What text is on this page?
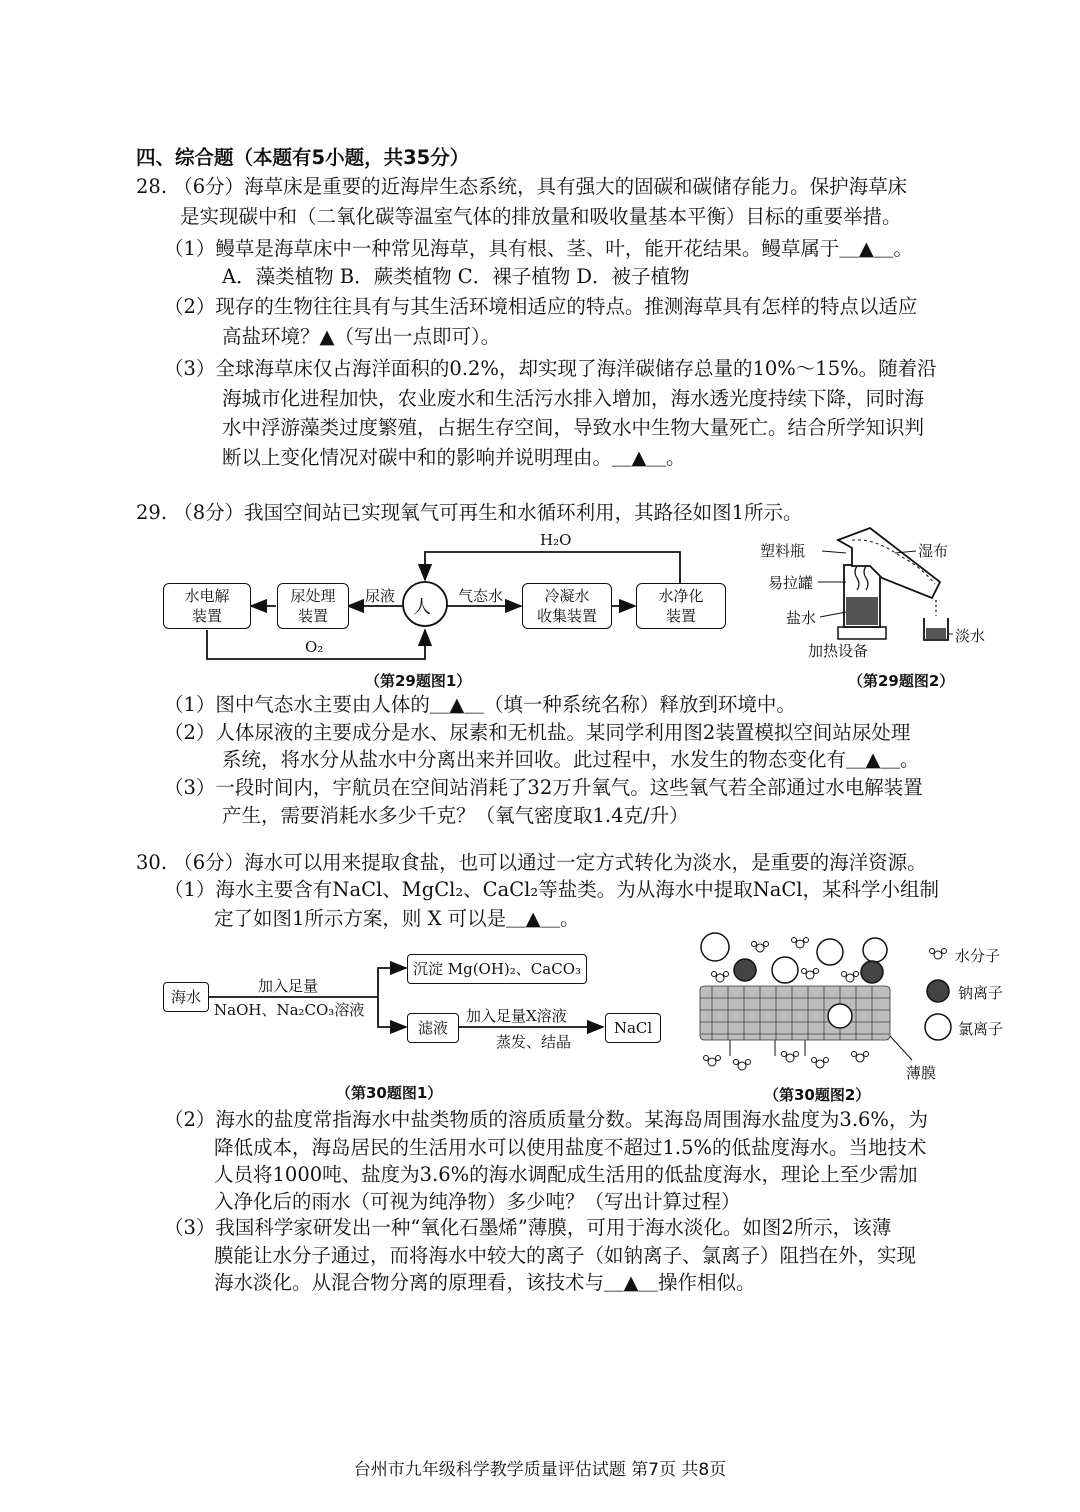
四、综合题（本题有5小题，共35分）
28. （6分）海草床是重要的近海岸生态系统，具有强大的固碳和碳储存能力。保护海草床
是实现碳中和（二氧化碳等温室气体的排放量和吸收量基本平衡）目标的重要举措。
（1）鳗草是海草床中一种常见海草，具有根、茎、叶，能开花结果。鳗草属于＿▲＿。
A．藻类植物 B．蕨类植物 C．裸子植物 D．被子植物
（2）现存的生物往往具有与其生活环境相适应的特点。推测海草具有怎样的特点以适应
高盐环境？▲（写出一点即可）。
（3）全球海草床仅占海洋面积的0.2%，却实现了海洋碳储存总量的10%～15%。随着沿
海城市化进程加快，农业废水和生活污水排入增加，海水透光度持续下降，同时海
水中浮游藻类过度繁殖，占据生存空间，导致水中生物大量死亡。结合所学知识判
断以上变化情况对碳中和的影响并说明理由。＿▲＿。
29. （8分）我国空间站已实现氧气可再生和水循环利用，其路径如图1所示。
水电解
装置
尿处理
装置	人
冷凝水
收集装置
水净化
装置
尿液	气态水
H₂O
O₂
（第29题图1）
塑料瓶	湿布
易拉罐
盐水
淡水
加热设备
（第29题图2）
（1）图中气态水主要由人体的＿▲＿（填一种系统名称）释放到环境中。
（2）人体尿液的主要成分是水、尿素和无机盐。某同学利用图2装置模拟空间站尿处理
系统，将水分从盐水中分离出来并回收。此过程中，水发生的物态变化有＿▲＿。
（3）一段时间内，宇航员在空间站消耗了32万升氧气。这些氧气若全部通过水电解装置
产生，需要消耗水多少千克？（氧气密度取1.4克/升）
30. （6分）海水可以用来提取食盐，也可以通过一定方式转化为淡水，是重要的海洋资源。
（1）海水主要含有NaCl、MgCl₂、CaCl₂等盐类。为从海水中提取NaCl，某科学小组制
定了如图1所示方案，则 X 可以是＿▲＿。
海水
加入足量
NaOH、Na₂CO₃溶液
沉淀 Mg(OH)₂、CaCO₃
滤液
加入足量X溶液
蒸发、结晶
NaCl
（第30题图1）
水分子
钠离子
氯离子
薄膜
（第30题图2）
（2）海水的盐度常指海水中盐类物质的溶质质量分数。某海岛周围海水盐度为3.6%，为
降低成本，海岛居民的生活用水可以使用盐度不超过1.5%的低盐度海水。当地技术
人员将1000吨、盐度为3.6%的海水调配成生活用的低盐度海水，理论上至少需加
入净化后的雨水（可视为纯净物）多少吨？（写出计算过程）
（3）我国科学家研发出一种“氧化石墨烯”薄膜，可用于海水淡化。如图2所示，该薄
膜能让水分子通过，而将海水中较大的离子（如钠离子、氯离子）阻挡在外，实现
海水淡化。从混合物分离的原理看，该技术与＿▲＿操作相似。
台州市九年级科学教学质量评估试题 第7页 共8页
